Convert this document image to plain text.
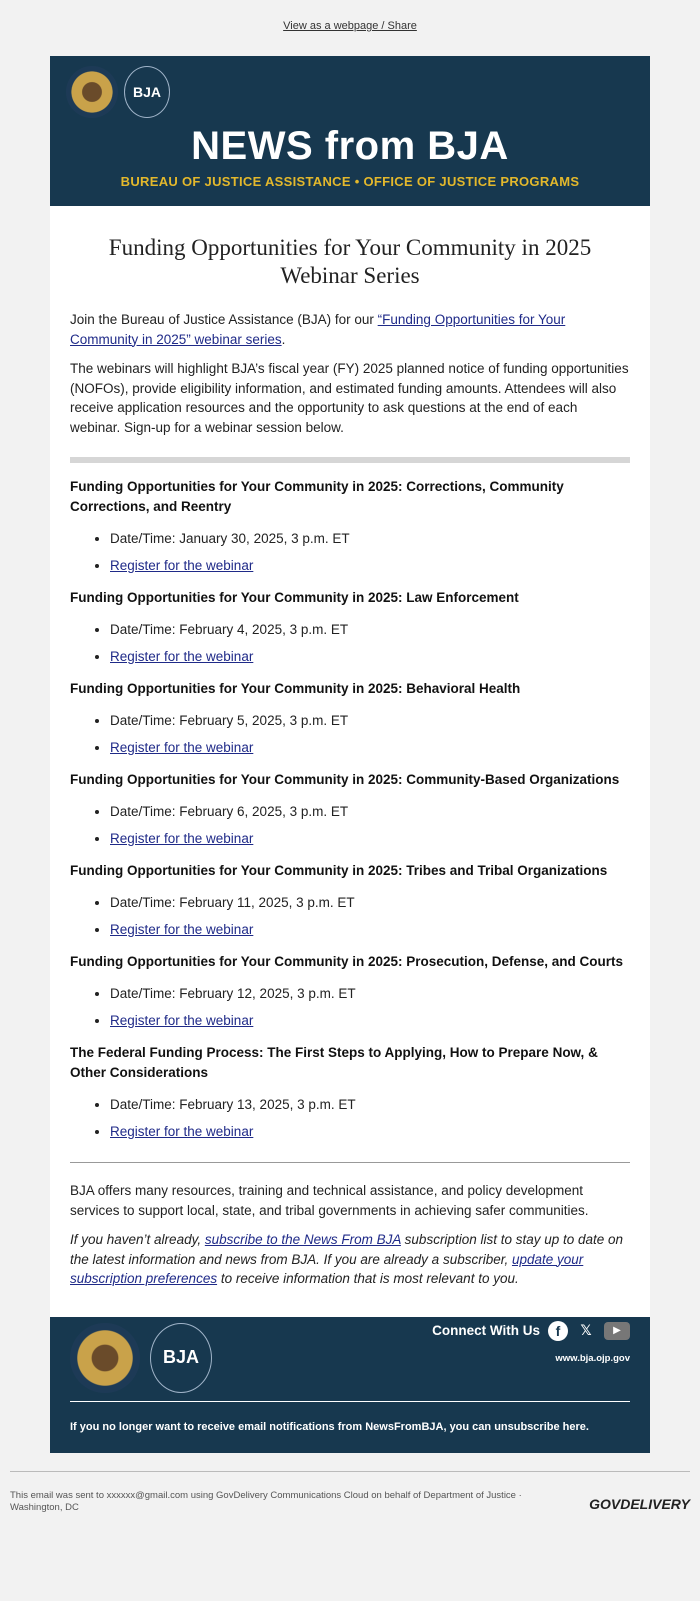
View as a webpage / Share
BJA
NEWS from BJA
BUREAU OF JUSTICE ASSISTANCE • OFFICE OF JUSTICE PROGRAMS
Funding Opportunities for Your Community in 2025 Webinar Series

Join the Bureau of Justice Assistance (BJA) for our “Funding Opportunities for Your Community in 2025” webinar series.

The webinars will highlight BJA’s fiscal year (FY) 2025 planned notice of funding opportunities (NOFOs), provide eligibility information, and estimated funding amounts. Attendees will also receive application resources and the opportunity to ask questions at the end of each webinar. Sign-up for a webinar session below.

Funding Opportunities for Your Community in 2025: Corrections, Community Corrections, and Reentry
• Date/Time: January 30, 2025, 3 p.m. ET
• Register for the webinar
Funding Opportunities for Your Community in 2025: Law Enforcement
• Date/Time: February 4, 2025, 3 p.m. ET
• Register for the webinar
Funding Opportunities for Your Community in 2025: Behavioral Health
• Date/Time: February 5, 2025, 3 p.m. ET
• Register for the webinar
Funding Opportunities for Your Community in 2025: Community-Based Organizations
• Date/Time: February 6, 2025, 3 p.m. ET
• Register for the webinar
Funding Opportunities for Your Community in 2025: Tribes and Tribal Organizations
• Date/Time: February 11, 2025, 3 p.m. ET
• Register for the webinar
Funding Opportunities for Your Community in 2025: Prosecution, Defense, and Courts
• Date/Time: February 12, 2025, 3 p.m. ET
• Register for the webinar
The Federal Funding Process: The First Steps to Applying, How to Prepare Now, & Other Considerations
• Date/Time: February 13, 2025, 3 p.m. ET
• Register for the webinar

BJA offers many resources, training and technical assistance, and policy development services to support local, state, and tribal governments in achieving safer communities.

If you haven’t already, subscribe to the News From BJA subscription list to stay up to date on the latest information and news from BJA. If you are already a subscriber, update your subscription preferences to receive information that is most relevant to you.

BJA
Connect With Us	f	𝕏	▶
www.bja.ojp.gov
If you no longer want to receive email notifications from NewsFromBJA, you can unsubscribe here.
This email was sent to xxxxxx@gmail.com using GovDelivery Communications Cloud on behalf of Department of Justice · Washington, DC	GOVDELIVERY
